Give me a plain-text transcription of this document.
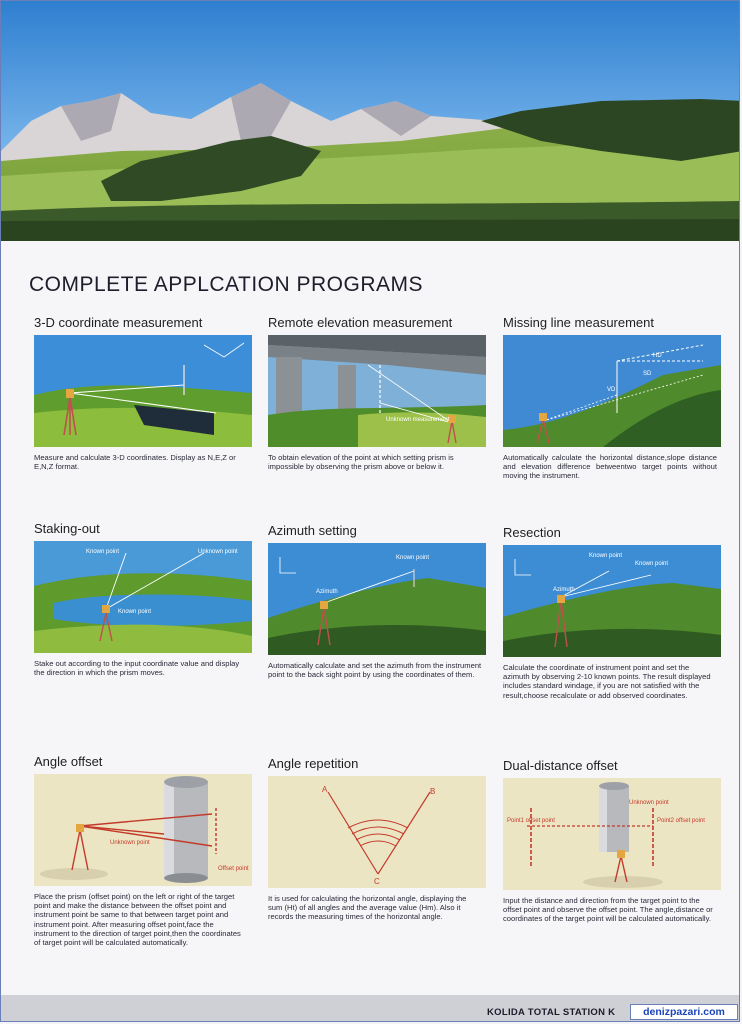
COMPLETE APPLCATION PROGRAMS
3-D coordinate measurement

Measure and calculate 3-D coordinates. Display as N,E,Z or E,N,Z format.

Remote elevation measurement
Unknown measurement

To obtain elevation of the point at which setting prism is impossible by observing the prism above or below it.

Missing line measurement
HD
VD
SD

Automatically calculate the horizontal distance,slope distance and elevation difference betweentwo target points without moving the instrument.

Staking-out
Known point	Unknown point
Known point

Stake out according to the input coordinate value and display the direction in which the prism moves.

Azimuth setting
Known point
Azimuth

Automatically calculate and set the azimuth from the instrument point to the back sight point by using the coordinates of them.

Resection
Known point
Known point
Azimuth

Calculate the coordinate of instrument point and set the azimuth by observing 2-10 known points. The result displayed includes standard windage, if you are not satisfied with the result,choose recalculate or add observed coordinates.

Angle offset
Unknown point
Offset point

Place the prism (offset point) on the left or right of the target point and make the distance between the offset point and instrument point be same to that between target point and instrument point. After measuring offset point,face the instrument to the direction of target point,then the coordinates of target point will be calculated automatically.

Angle repetition
A	B
C

It is used for calculating the horizontal angle, displaying the sum (Ht) of all angles and the average value (Hm). Also it records the measuring times of the horizontal angle.

Dual-distance offset
Point1 offset point	Point2 offset point
Unknown point

Input the distance and direction from the target point to the offset point and observe the offset point. The angle,distance or coordinates of the target point will be calculated automatically.

KOLIDA TOTAL STATION K	denizpazari.com
